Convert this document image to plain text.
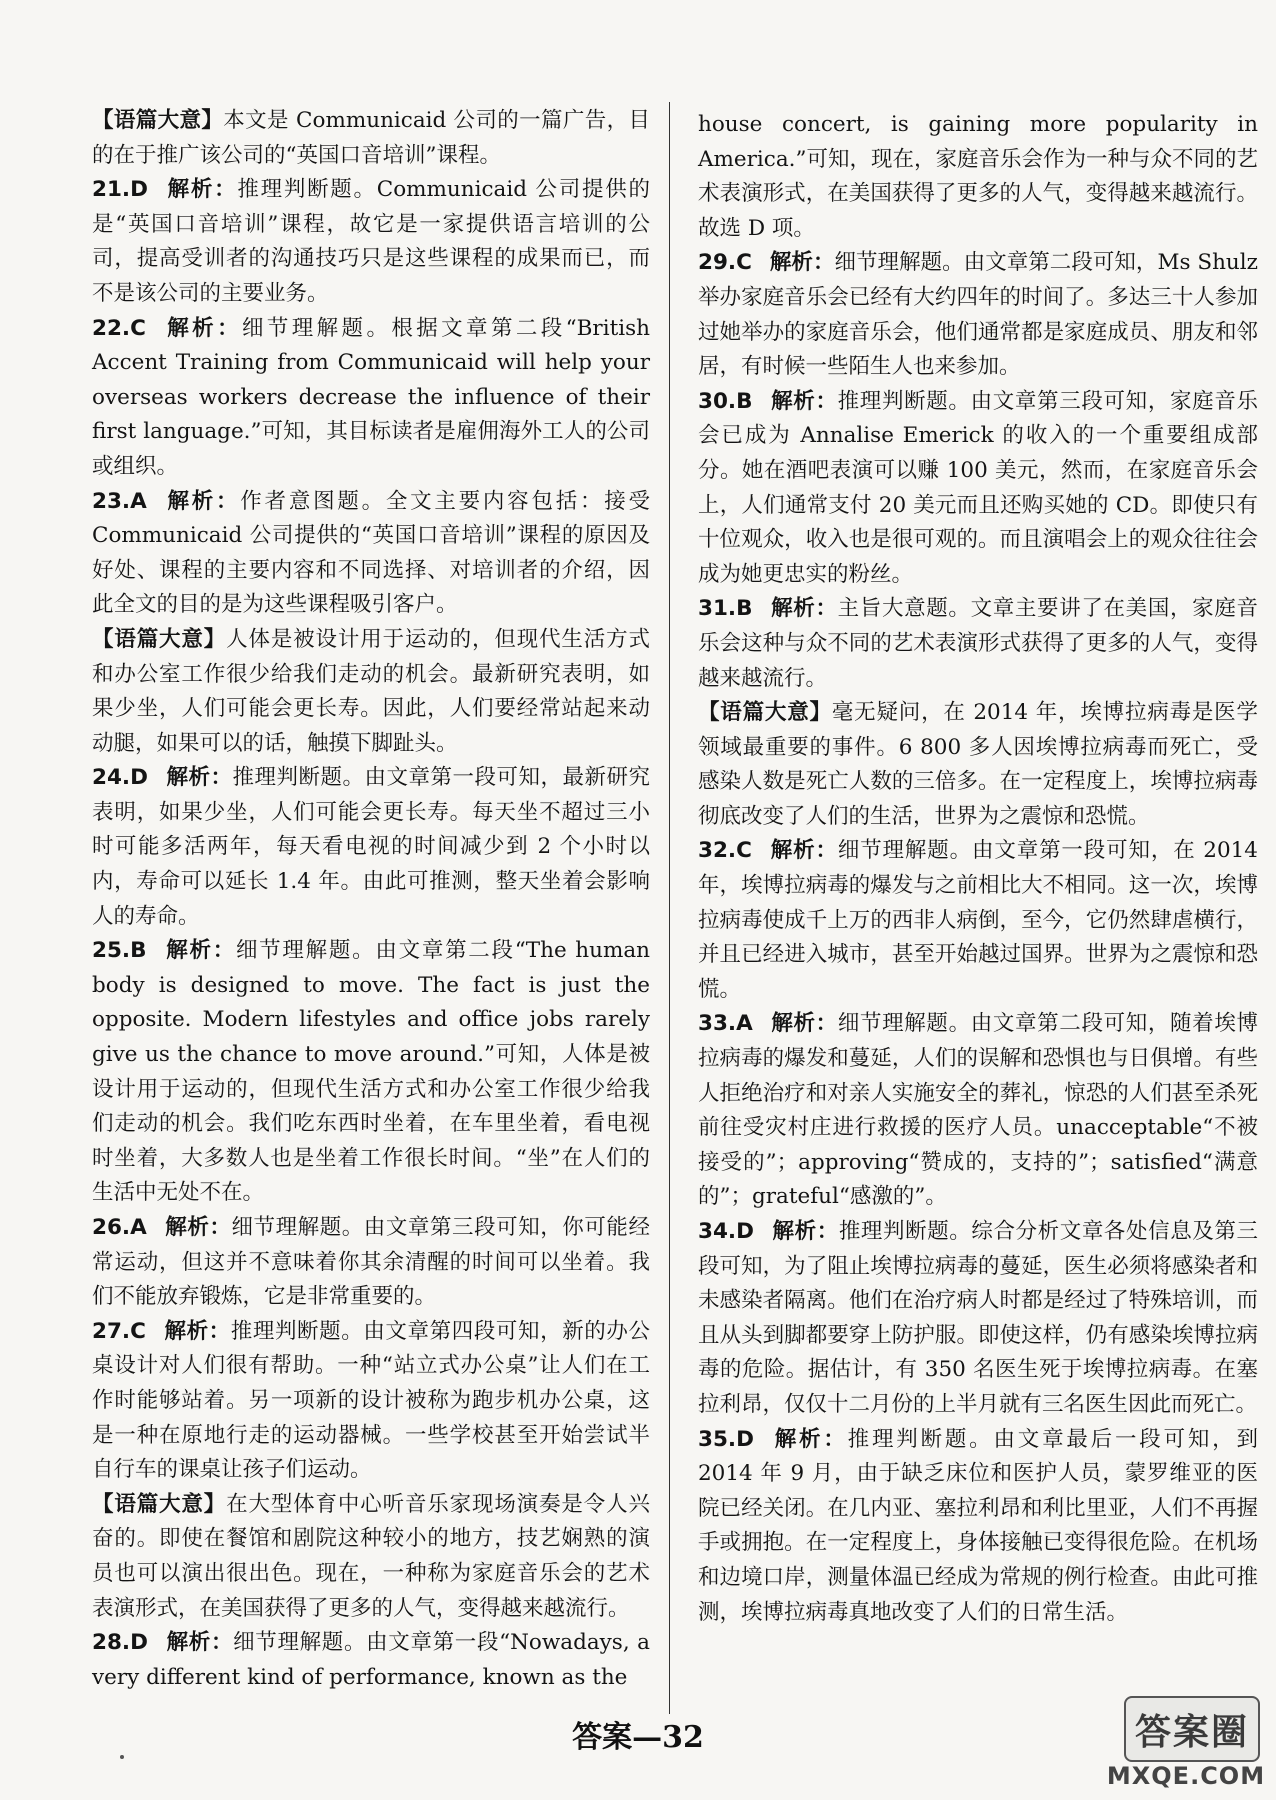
【语篇大意】本文是 Communicaid 公司的一篇广告，目的在于推广该公司的“英国口音培训”课程。

21.D 解析：推理判断题。Communicaid 公司提供的是“英国口音培训”课程，故它是一家提供语言培训的公司，提高受训者的沟通技巧只是这些课程的成果而已，而不是该公司的主要业务。

22.C 解析：细节理解题。根据文章第二段“British Accent Training from Communicaid will help your overseas workers decrease the influence of their first language.”可知，其目标读者是雇佣海外工人的公司或组织。

23.A 解析：作者意图题。全文主要内容包括：接受 Communicaid 公司提供的“英国口音培训”课程的原因及好处、课程的主要内容和不同选择、对培训者的介绍，因此全文的目的是为这些课程吸引客户。

【语篇大意】人体是被设计用于运动的，但现代生活方式和办公室工作很少给我们走动的机会。最新研究表明，如果少坐，人们可能会更长寿。因此，人们要经常站起来动动腿，如果可以的话，触摸下脚趾头。

24.D 解析：推理判断题。由文章第一段可知，最新研究表明，如果少坐，人们可能会更长寿。每天坐不超过三小时可能多活两年，每天看电视的时间减少到 2 个小时以内，寿命可以延长 1.4 年。由此可推测，整天坐着会影响人的寿命。

25.B 解析：细节理解题。由文章第二段“The human body is designed to move. The fact is just the opposite. Modern lifestyles and office jobs rarely give us the chance to move around.”可知，人体是被设计用于运动的，但现代生活方式和办公室工作很少给我们走动的机会。我们吃东西时坐着，在车里坐着，看电视时坐着，大多数人也是坐着工作很长时间。“坐”在人们的生活中无处不在。

26.A 解析：细节理解题。由文章第三段可知，你可能经常运动，但这并不意味着你其余清醒的时间可以坐着。我们不能放弃锻炼，它是非常重要的。

27.C 解析：推理判断题。由文章第四段可知，新的办公桌设计对人们很有帮助。一种“站立式办公桌”让人们在工作时能够站着。另一项新的设计被称为跑步机办公桌，这是一种在原地行走的运动器械。一些学校甚至开始尝试半自行车的课桌让孩子们运动。

【语篇大意】在大型体育中心听音乐家现场演奏是令人兴奋的。即使在餐馆和剧院这种较小的地方，技艺娴熟的演员也可以演出很出色。现在，一种称为家庭音乐会的艺术表演形式，在美国获得了更多的人气，变得越来越流行。

28.D 解析：细节理解题。由文章第一段“Nowadays, a very different kind of performance, known as the

house concert, is gaining more popularity in America.”可知，现在，家庭音乐会作为一种与众不同的艺术表演形式，在美国获得了更多的人气，变得越来越流行。故选 D 项。

29.C 解析：细节理解题。由文章第二段可知，Ms Shulz 举办家庭音乐会已经有大约四年的时间了。多达三十人参加过她举办的家庭音乐会，他们通常都是家庭成员、朋友和邻居，有时候一些陌生人也来参加。

30.B 解析：推理判断题。由文章第三段可知，家庭音乐会已成为 Annalise Emerick 的收入的一个重要组成部分。她在酒吧表演可以赚 100 美元，然而，在家庭音乐会上，人们通常支付 20 美元而且还购买她的 CD。即使只有十位观众，收入也是很可观的。而且演唱会上的观众往往会成为她更忠实的粉丝。

31.B 解析：主旨大意题。文章主要讲了在美国，家庭音乐会这种与众不同的艺术表演形式获得了更多的人气，变得越来越流行。

【语篇大意】毫无疑问，在 2014 年，埃博拉病毒是医学领域最重要的事件。6 800 多人因埃博拉病毒而死亡，受感染人数是死亡人数的三倍多。在一定程度上，埃博拉病毒彻底改变了人们的生活，世界为之震惊和恐慌。

32.C 解析：细节理解题。由文章第一段可知，在 2014 年，埃博拉病毒的爆发与之前相比大不相同。这一次，埃博拉病毒使成千上万的西非人病倒，至今，它仍然肆虐横行，并且已经进入城市，甚至开始越过国界。世界为之震惊和恐慌。

33.A 解析：细节理解题。由文章第二段可知，随着埃博拉病毒的爆发和蔓延，人们的误解和恐惧也与日俱增。有些人拒绝治疗和对亲人实施安全的葬礼，惊恐的人们甚至杀死前往受灾村庄进行救援的医疗人员。unacceptable“不被接受的”；approving“赞成的，支持的”；satisfied“满意的”；grateful“感激的”。

34.D 解析：推理判断题。综合分析文章各处信息及第三段可知，为了阻止埃博拉病毒的蔓延，医生必须将感染者和未感染者隔离。他们在治疗病人时都是经过了特殊培训，而且从头到脚都要穿上防护服。即使这样，仍有感染埃博拉病毒的危险。据估计，有 350 名医生死于埃博拉病毒。在塞拉利昂，仅仅十二月份的上半月就有三名医生因此而死亡。

35.D 解析：推理判断题。由文章最后一段可知，到 2014 年 9 月，由于缺乏床位和医护人员，蒙罗维亚的医院已经关闭。在几内亚、塞拉利昂和利比里亚，人们不再握手或拥抱。在一定程度上，身体接触已变得很危险。在机场和边境口岸，测量体温已经成为常规的例行检查。由此可推测，埃博拉病毒真地改变了人们的日常生活。

答案—32	答案圈
MXQE.COM
